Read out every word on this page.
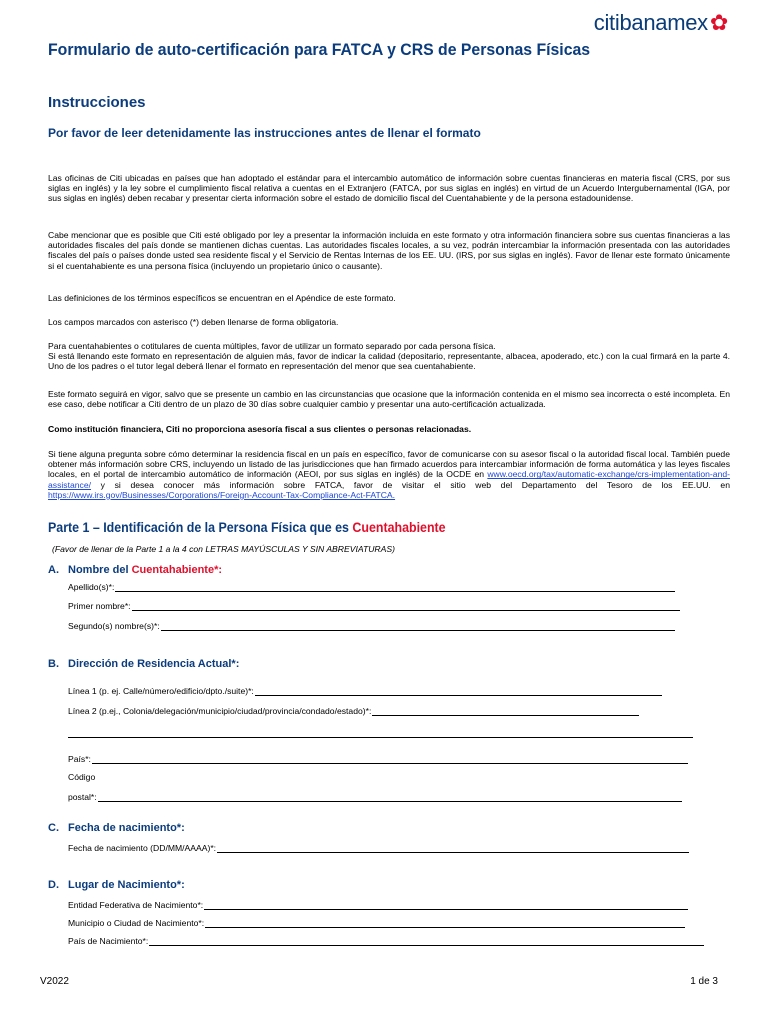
citibanamex✿
Formulario de auto-certificación para FATCA y CRS de Personas Físicas
Instrucciones
Por favor de leer detenidamente las instrucciones antes de llenar el formato
Las oficinas de Citi ubicadas en países que han adoptado el estándar para el intercambio automático de información sobre cuentas financieras en materia fiscal (CRS, por sus siglas en inglés) y la ley sobre el cumplimiento fiscal relativa a cuentas en el Extranjero (FATCA, por sus siglas en inglés) en virtud de un Acuerdo Intergubernamental (IGA, por sus siglas en inglés) deben recabar y presentar cierta información sobre el estado de domicilio fiscal del Cuentahabiente y de la persona estadounidense.
Cabe mencionar que es posible que Citi esté obligado por ley a presentar la información incluida en este formato y otra información financiera sobre sus cuentas financieras a las autoridades fiscales del país donde se mantienen dichas cuentas. Las autoridades fiscales locales, a su vez, podrán intercambiar la información presentada con las autoridades fiscales del país o países donde usted sea residente fiscal y el Servicio de Rentas Internas de los EE. UU. (IRS, por sus siglas en inglés). Favor de llenar este formato únicamente si el cuentahabiente es una persona física (incluyendo un propietario único o causante).
Las definiciones de los términos específicos se encuentran en el Apéndice de este formato.
Los campos marcados con asterisco (*) deben llenarse de forma obligatoria.
Para cuentahabientes o cotitulares de cuenta múltiples, favor de utilizar un formato separado por cada persona física.
Si está llenando este formato en representación de alguien más, favor de indicar la calidad (depositario, representante, albacea, apoderado, etc.) con la cual firmará en la parte 4. Uno de los padres o el tutor legal deberá llenar el formato en representación del menor que sea cuentahabiente.
Este formato seguirá en vigor, salvo que se presente un cambio en las circunstancias que ocasione que la información contenida en el mismo sea incorrecta o esté incompleta. En ese caso, debe notificar a Citi dentro de un plazo de 30 días sobre cualquier cambio y presentar una auto-certificación actualizada.
Como institución financiera, Citi no proporciona asesoría fiscal a sus clientes o personas relacionadas.
Si tiene alguna pregunta sobre cómo determinar la residencia fiscal en un país en específico, favor de comunicarse con su asesor fiscal o la autoridad fiscal local. También puede obtener más información sobre CRS, incluyendo un listado de las jurisdicciones que han firmado acuerdos para intercambiar información de forma automática y las leyes fiscales locales, en el portal de intercambio automático de información (AEOI, por sus siglas en inglés) de la OCDE en www.oecd.org/tax/automatic-exchange/crs-implementation-and-assistance/ y si desea conocer más información sobre FATCA, favor de visitar el sitio web del Departamento del Tesoro de los EE.UU. en https://www.irs.gov/Businesses/Corporations/Foreign-Account-Tax-Compliance-Act-FATCA.
Parte 1 – Identificación de la Persona Física que es Cuentahabiente
(Favor de llenar de la Parte 1 a la 4 con LETRAS MAYÚSCULAS Y SIN ABREVIATURAS)
A. Nombre del Cuentahabiente*:
Apellido(s)*:
Primer nombre*:
Segundo(s) nombre(s)*:
B. Dirección de Residencia Actual*:
Línea 1 (p. ej. Calle/número/edificio/dpto./suite)*:
Línea 2 (p.ej., Colonia/delegación/municipio/ciudad/provincia/condado/estado)*:
País*:
Código
postal*:
C. Fecha de nacimiento*:
Fecha de nacimiento (DD/MM/AAAA)*:
D. Lugar de Nacimiento*:
Entidad Federativa de Nacimiento*:
Municipio o Ciudad de Nacimiento*:
País de Nacimiento*:
V2022	1 de 3
